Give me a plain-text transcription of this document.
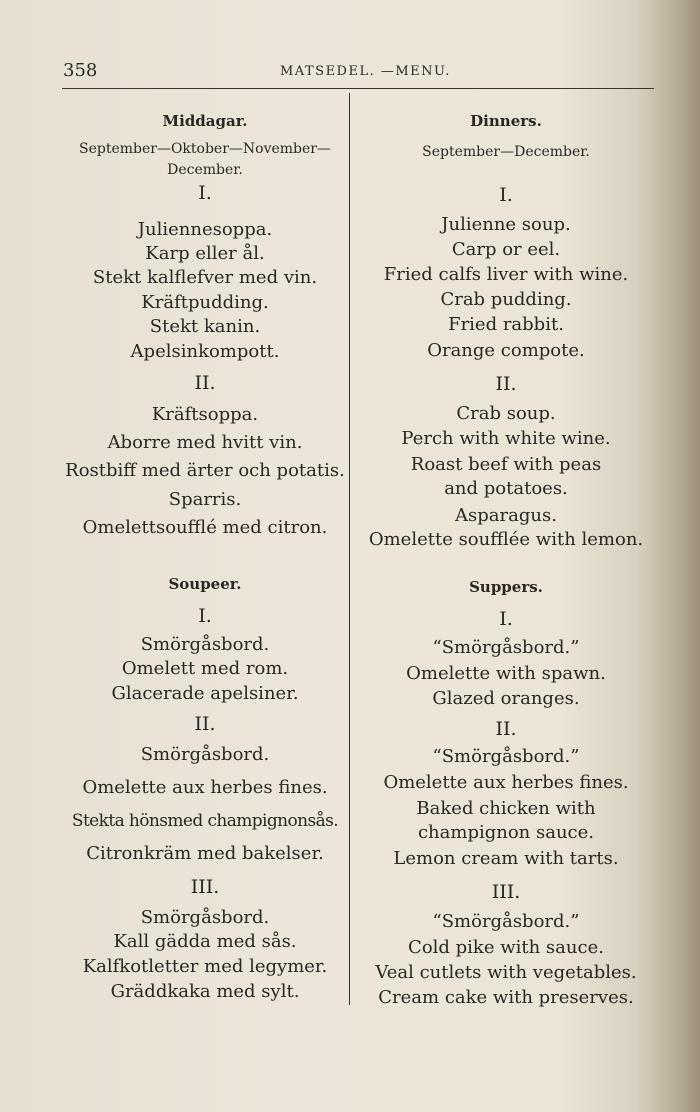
358	MATSEDEL. —MENU.
Middagar.
September—Oktober—November—December.
I.
Juliennesoppa.
Karp eller ål.
Stekt kalflefver med vin.
Kräftpudding.
Stekt kanin.
Apelsinkompott.
II.
Kräftsoppa.
Aborre med hvitt vin.
Rostbiff med ärter och potatis.
Sparris.
Omelettsoufflé med citron.
Soupeer.
I.
Smörgåsbord.
Omelett med rom.
Glacerade apelsiner.
II.
Smörgåsbord.
Omelette aux herbes fines.
Stekta hönsmed champignonsås.
Citronkräm med bakelser.
III.
Smörgåsbord.
Kall gädda med sås.
Kalfkotletter med legymer.
Gräddkaka med sylt.
Dinners.
September—December.
I.
Julienne soup.
Carp or eel.
Fried calfs liver with wine.
Crab pudding.
Fried rabbit.
Orange compote.
II.
Crab soup.
Perch with white wine.
Roast beef with peas and potatoes.
Asparagus.
Omelette soufflée with lemon.
Suppers.
I.
“Smörgåsbord.”
Omelette with spawn.
Glazed oranges.
II.
“Smörgåsbord.”
Omelette aux herbes fines.
Baked chicken with champignon sauce.
Lemon cream with tarts.
III.
“Smörgåsbord.”
Cold pike with sauce.
Veal cutlets with vegetables.
Cream cake with preserves.
